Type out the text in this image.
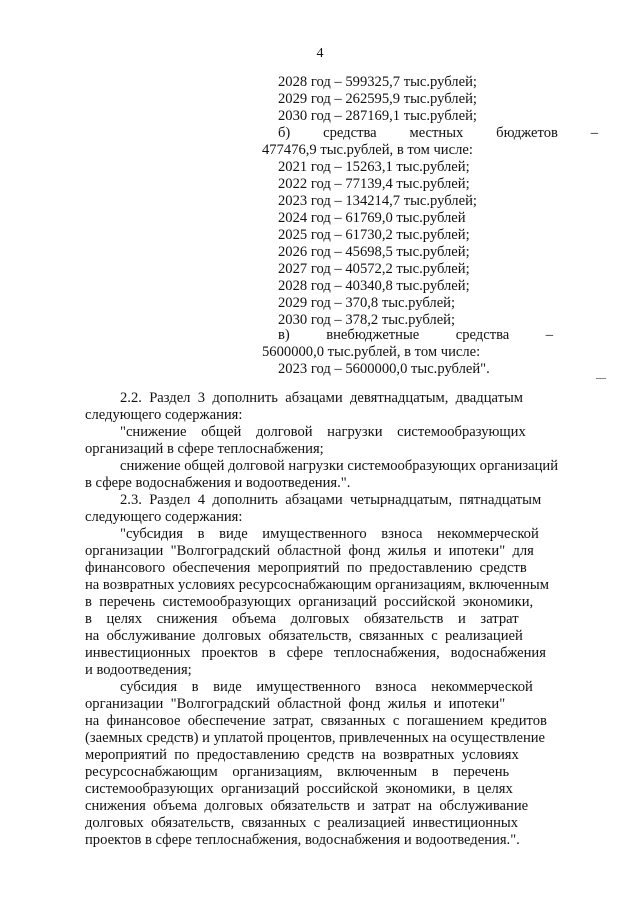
4
2028 год – 599325,7 тыс.рублей;
2029 год – 262595,9 тыс.рублей;
2030 год – 287169,1 тыс.рублей;
б)         средства         местных         бюджетов         –
477476,9 тыс.рублей, в том числе:
2021 год – 15263,1 тыс.рублей;
2022 год – 77139,4 тыс.рублей;
2023 год – 134214,7 тыс.рублей;
2024 год – 61769,0 тыс.рублей
2025 год – 61730,2 тыс.рублей;
2026 год – 45698,5 тыс.рублей;
2027 год – 40572,2 тыс.рублей;
2028 год – 40340,8 тыс.рублей;
2029 год – 370,8 тыс.рублей;
2030 год – 378,2 тыс.рублей;
в)          внебюджетные          средства          –
5600000,0 тыс.рублей, в том числе:
2023 год – 5600000,0 тыс.рублей".
2.2.  Раздел  3  дополнить  абзацами  девятнадцатым,  двадцатым
следующего содержания:
"снижение    общей    долговой    нагрузки    системообразующих
организаций в сфере теплоснабжения;
снижение общей долговой нагрузки системообразующих организаций
в сфере водоснабжения и водоотведения.".
2.3.  Раздел  4  дополнить  абзацами  четырнадцатым,  пятнадцатым
следующего содержания:
"субсидия    в    виде    имущественного    взноса    некоммерческой
организации  "Волгоградский  областной  фонд  жилья  и  ипотеки"  для
финансового  обеспечения  мероприятий  по  предоставлению  средств
на возвратных условиях ресурсоснабжающим организациям, включенным
в  перечень  системообразующих  организаций  российской  экономики,
в    целях    снижения    объема    долговых    обязательств    и    затрат
на  обслуживание  долговых  обязательств,  связанных  с  реализацией
инвестиционных   проектов   в   сфере   теплоснабжения,   водоснабжения
и водоотведения;
субсидия    в    виде    имущественного    взноса    некоммерческой
организации  "Волгоградский  областной  фонд  жилья  и  ипотеки"
на  финансовое  обеспечение  затрат,  связанных  с  погашением  кредитов
(заемных средств) и уплатой процентов, привлеченных на осуществление
мероприятий  по  предоставлению  средств  на  возвратных  условиях
ресурсоснабжающим    организациям,    включенным    в    перечень
системообразующих  организаций  российской  экономики,  в  целях
снижения  объема  долговых  обязательств  и  затрат  на  обслуживание
долговых  обязательств,  связанных  с  реализацией  инвестиционных
проектов в сфере теплоснабжения, водоснабжения и водоотведения.".
